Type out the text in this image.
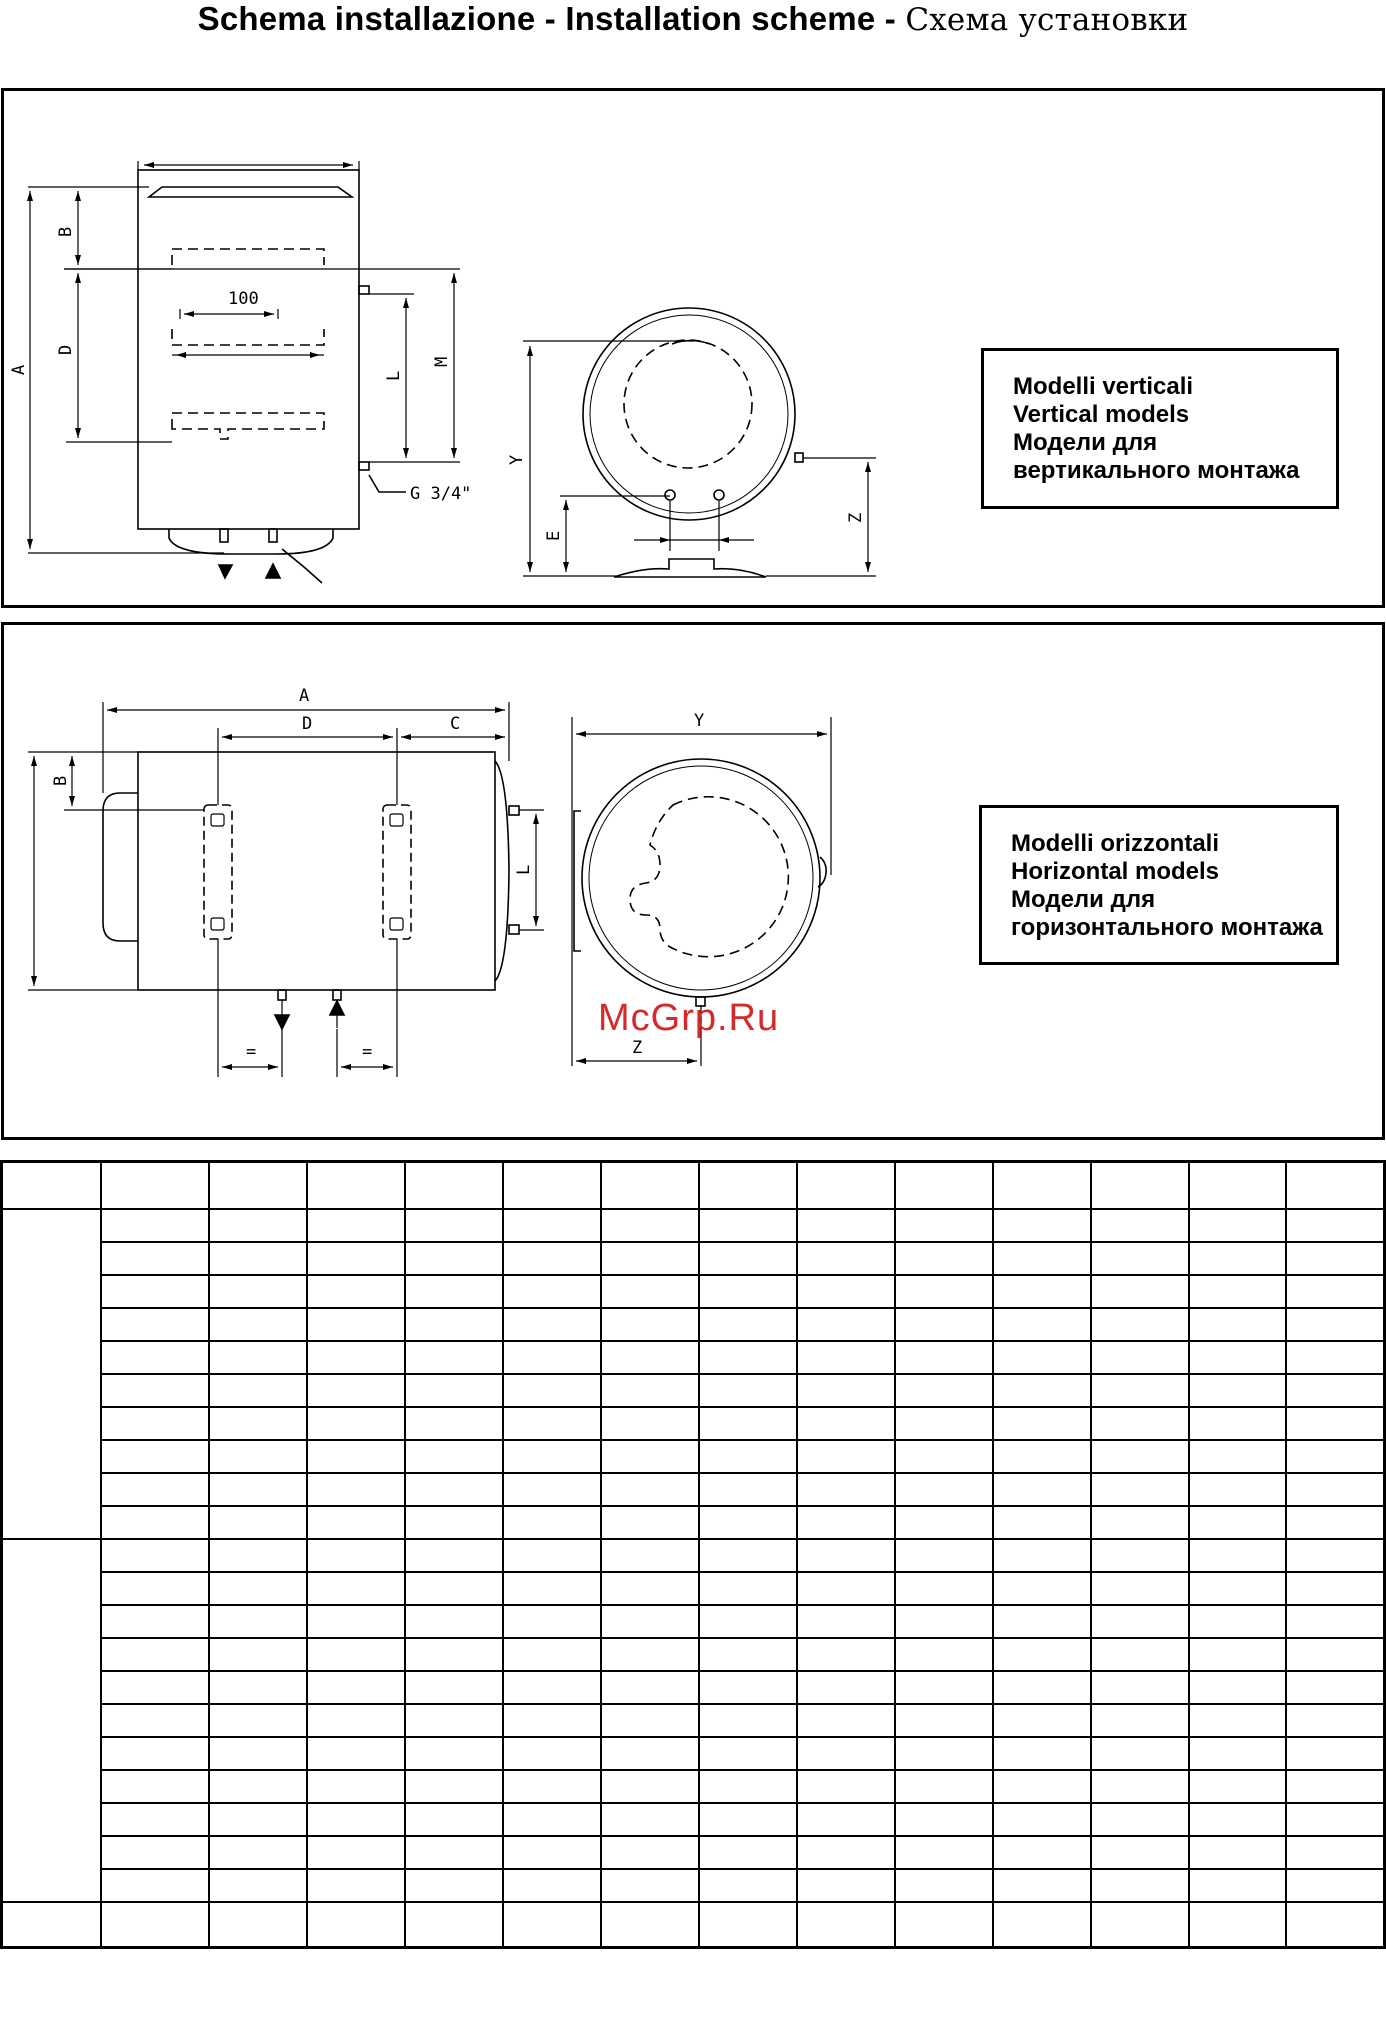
Schema installazione - Installation scheme - Схема установки
A
B
D
L
M
100
G 3/4"
Y
E
Z
Modelli verticali
Vertical models
Модели для
вертикального монтажа
A
D	C
B
L
=	=
Y
Z
Modelli orizzontali
Horizontal models
Модели для
горизонтального монтажа
McGrp.Ru
